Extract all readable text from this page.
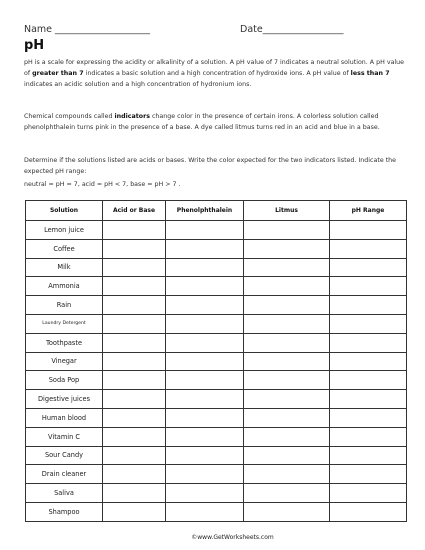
Name ____________________	Date_________________
pH
pH is a scale for expressing the acidity or alkalinity of a solution. A pH value of 7 indicates a neutral solution. A pH value of greater than 7 indicates a basic solution and a high concentration of hydroxide ions. A pH value of less than 7 indicates an acidic solution and a high concentration of hydronium ions.
Chemical compounds called indicators change color in the presence of certain irons. A colorless solution called phenolphthalein turns pink in the presence of a base. A dye called litmus turns red in an acid and blue in a base.
Determine if the solutions listed are acids or bases. Write the color expected for the two indicators listed. Indicate the expected pH range:
neutral = pH = 7, acid = pH < 7, base = pH > 7 .
Solution	Acid or Base	Phenolphthalein	Litmus	pH Range
Lemon juice				
Coffee				
Milk				
Ammonia				
Rain				
Laundry Detergent				
Toothpaste				
Vinegar				
Soda Pop				
Digestive juices				
Human blood				
Vitamin C				
Sour Candy				
Drain cleaner				
Saliva				
Shampoo				
©www.GetWorksheets.com
